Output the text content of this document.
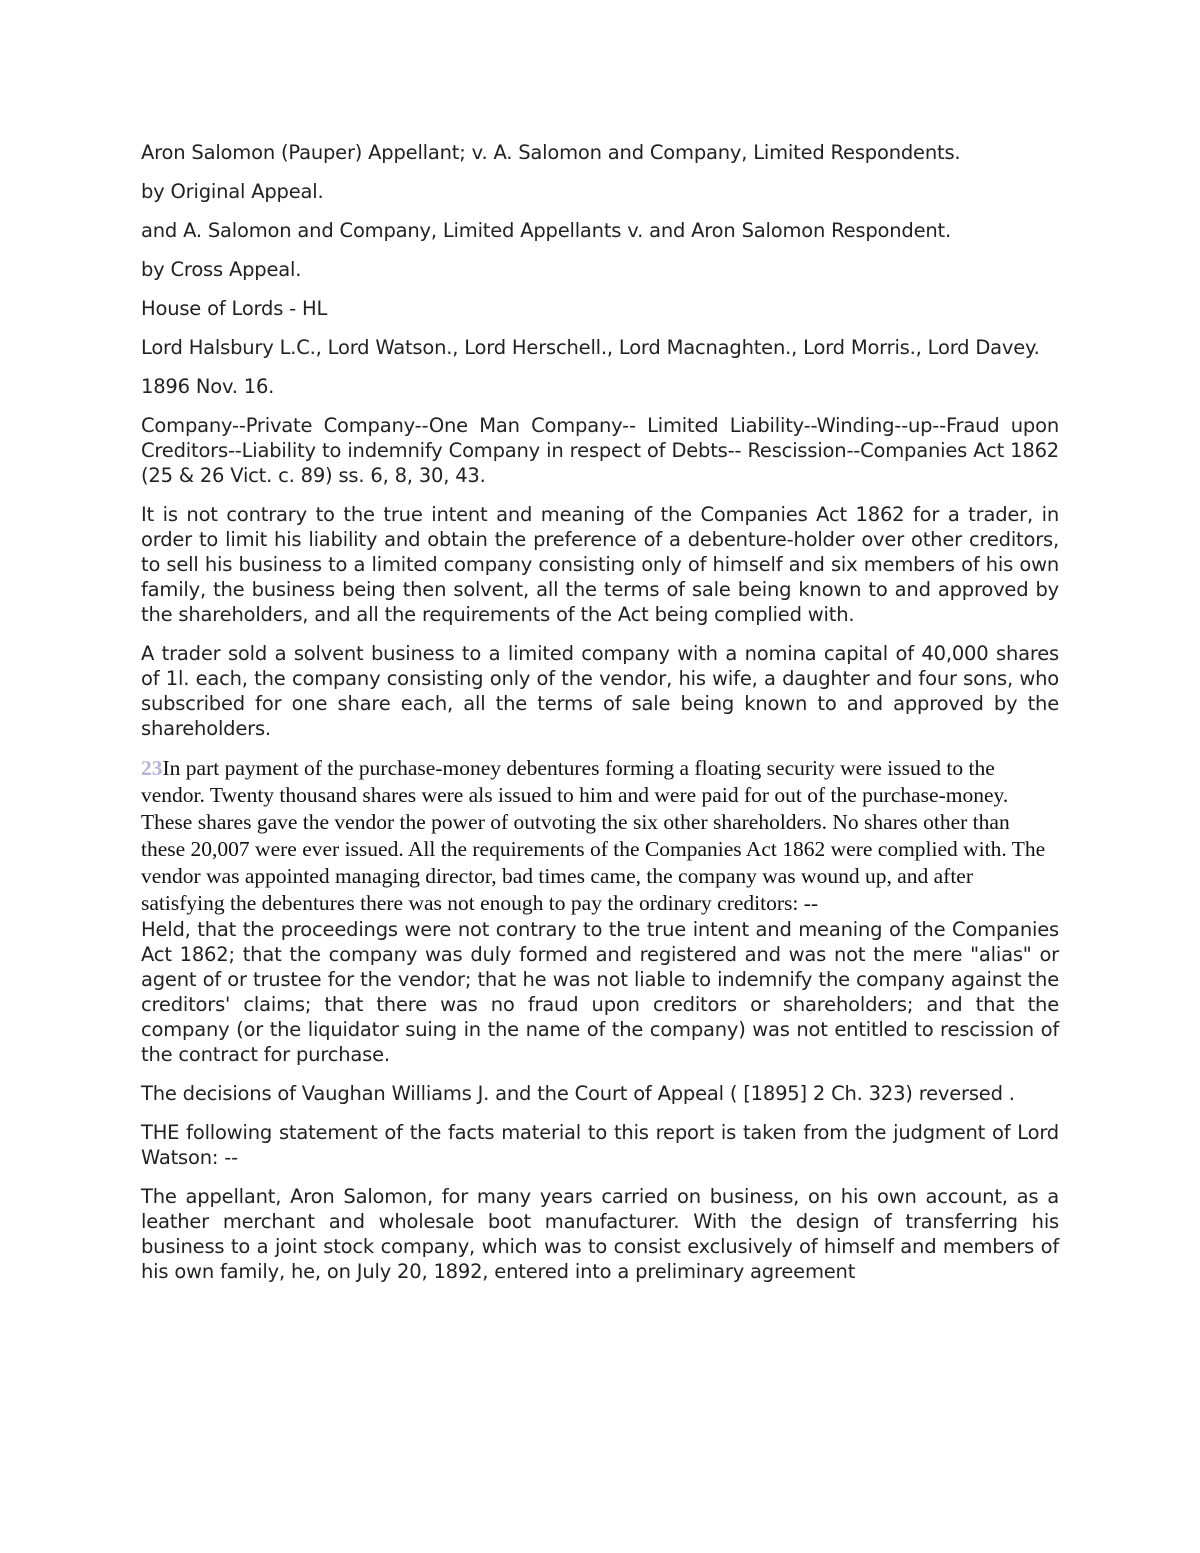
Aron Salomon (Pauper) Appellant; v. A. Salomon and Company, Limited Respondents.

by Original Appeal.

and A. Salomon and Company, Limited Appellants v. and Aron Salomon Respondent.

by Cross Appeal.

House of Lords - HL

Lord Halsbury L.C., Lord Watson., Lord Herschell., Lord Macnaghten., Lord Morris., Lord Davey.

1896 Nov. 16.

Company--Private Company--One Man Company-- Limited Liability--Winding--up--Fraud upon Creditors--Liability to indemnify Company in respect of Debts-- Rescission--Companies Act 1862 (25 & 26 Vict. c. 89) ss. 6, 8, 30, 43.

It is not contrary to the true intent and meaning of the Companies Act 1862 for a trader, in order to limit his liability and obtain the preference of a debenture-holder over other creditors, to sell his business to a limited company consisting only of himself and six members of his own family, the business being then solvent, all the terms of sale being known to and approved by the shareholders, and all the requirements of the Act being complied with.

A trader sold a solvent business to a limited company with a nomina capital of 40,000 shares of 1l. each, the company consisting only of the vendor, his wife, a daughter and four sons, who subscribed for one share each, all the terms of sale being known to and approved by the shareholders.

23In part payment of the purchase-money debentures forming a floating security were issued to the vendor. Twenty thousand shares were als issued to him and were paid for out of the purchase-money. These shares gave the vendor the power of outvoting the six other shareholders. No shares other than these 20,007 were ever issued. All the requirements of the Companies Act 1862 were complied with. The vendor was appointed managing director, bad times came, the company was wound up, and after satisfying the debentures there was not enough to pay the ordinary creditors: --

Held, that the proceedings were not contrary to the true intent and meaning of the Companies Act 1862; that the company was duly formed and registered and was not the mere "alias" or agent of or trustee for the vendor; that he was not liable to indemnify the company against the creditors' claims; that there was no fraud upon creditors or shareholders; and that the company (or the liquidator suing in the name of the company) was not entitled to rescission of the contract for purchase.

The decisions of Vaughan Williams J. and the Court of Appeal ( [1895] 2 Ch. 323) reversed .

THE following statement of the facts material to this report is taken from the judgment of Lord Watson: --

The appellant, Aron Salomon, for many years carried on business, on his own account, as a leather merchant and wholesale boot manufacturer. With the design of transferring his business to a joint stock company, which was to consist exclusively of himself and members of his own family, he, on July 20, 1892, entered into a preliminary agreement
